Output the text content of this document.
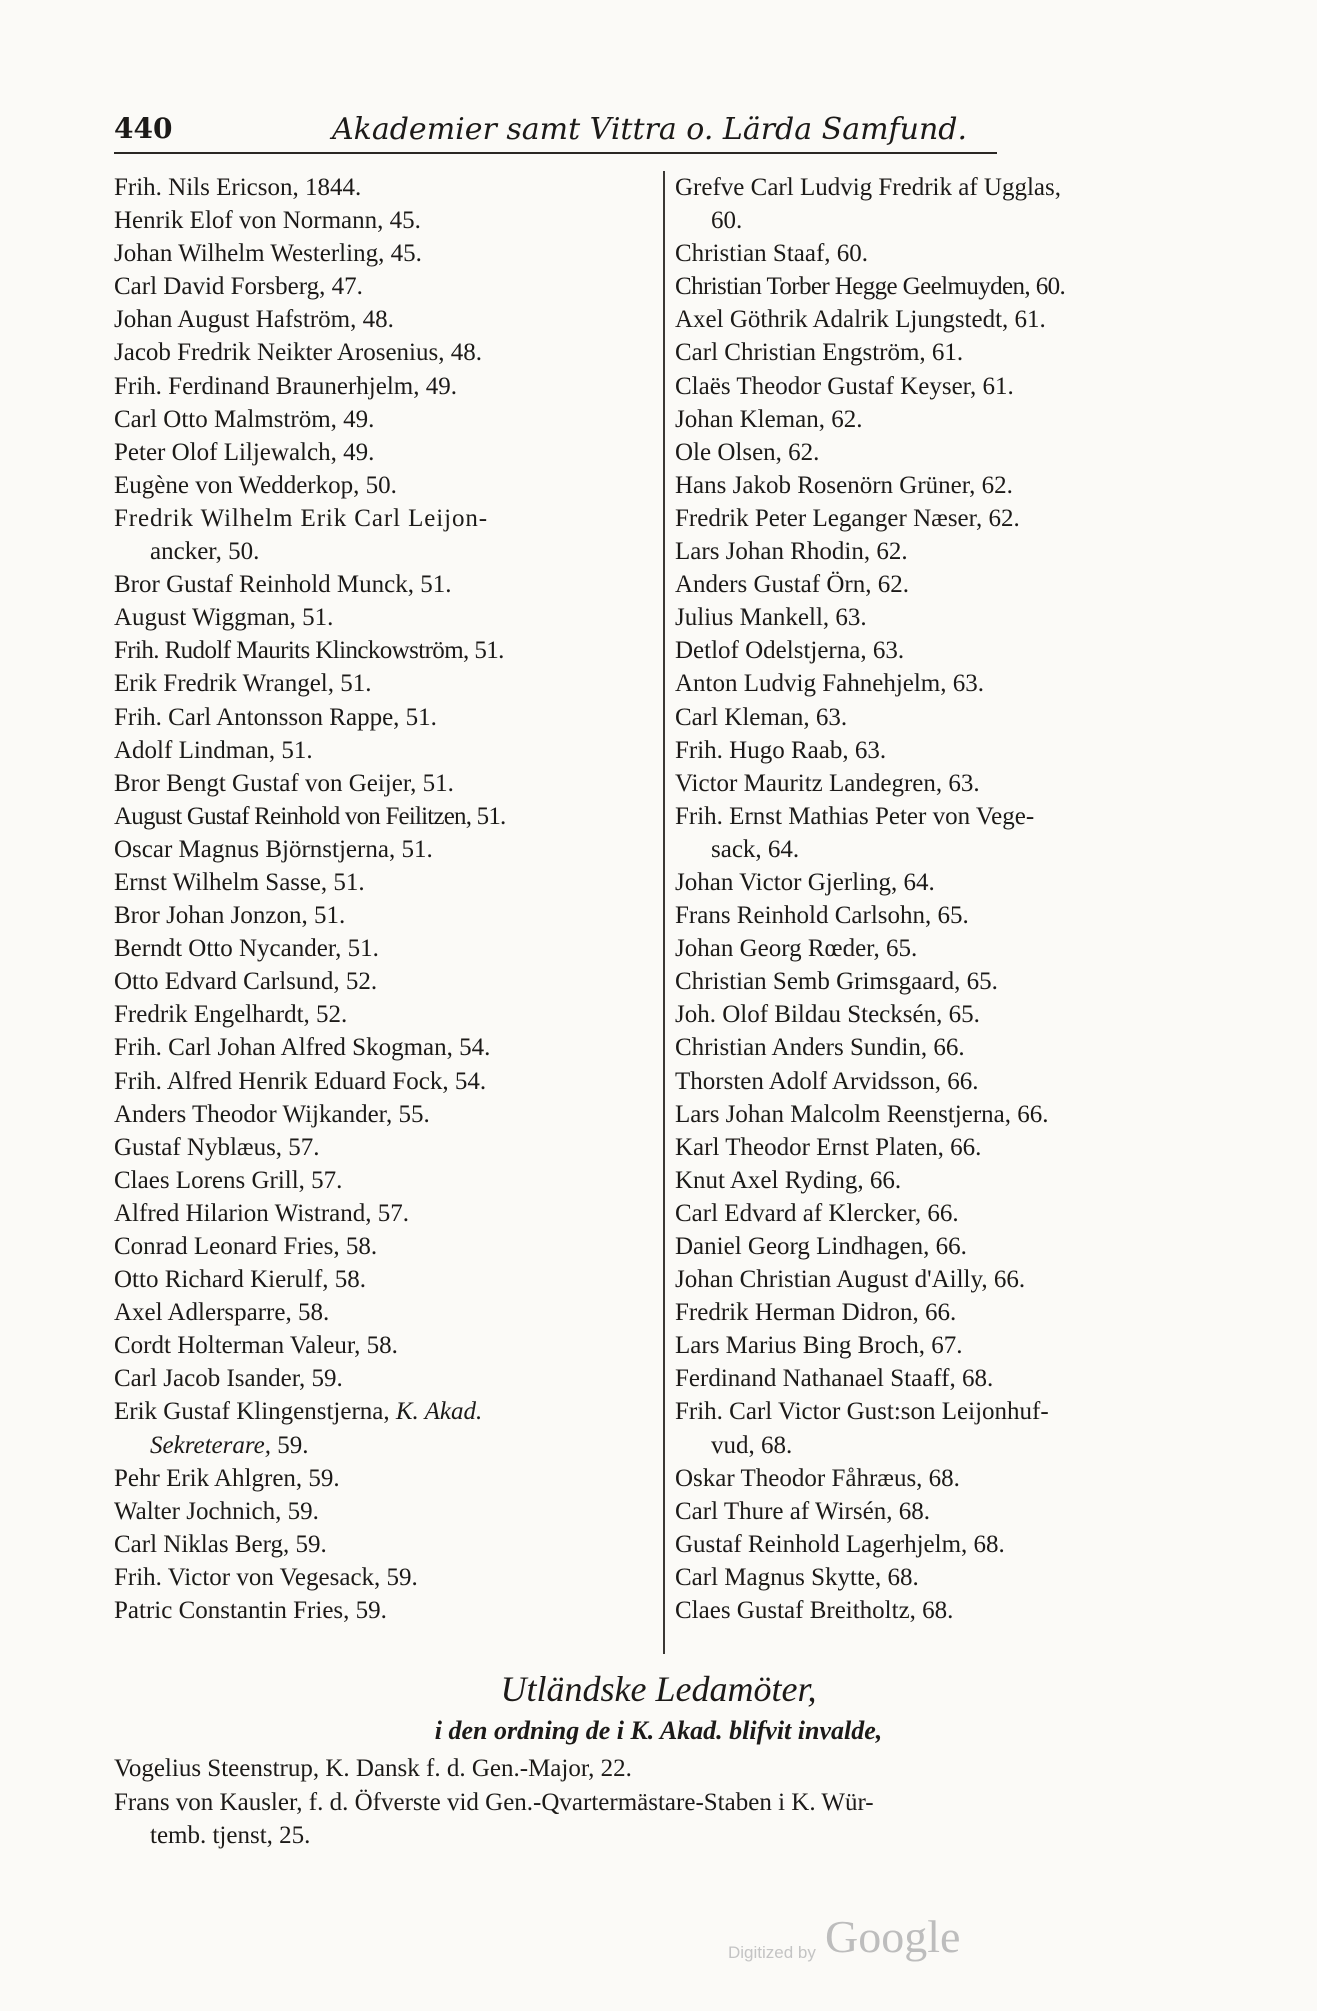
440	Akademier samt Vittra o. Lärda Samfund.
Frih. Nils Ericson, 1844.
Henrik Elof von Normann, 45.
Johan Wilhelm Westerling, 45.
Carl David Forsberg, 47.
Johan August Hafström, 48.
Jacob Fredrik Neikter Arosenius, 48.
Frih. Ferdinand Braunerhjelm, 49.
Carl Otto Malmström, 49.
Peter Olof Liljewalch, 49.
Eugène von Wedderkop, 50.
Fredrik Wilhelm Erik Carl Leijon-
ancker, 50.
Bror Gustaf Reinhold Munck, 51.
August Wiggman, 51.
Frih. Rudolf Maurits Klinckowström, 51.
Erik Fredrik Wrangel, 51.
Frih. Carl Antonsson Rappe, 51.
Adolf Lindman, 51.
Bror Bengt Gustaf von Geijer, 51.
August Gustaf Reinhold von Feilitzen, 51.
Oscar Magnus Björnstjerna, 51.
Ernst Wilhelm Sasse, 51.
Bror Johan Jonzon, 51.
Berndt Otto Nycander, 51.
Otto Edvard Carlsund, 52.
Fredrik Engelhardt, 52.
Frih. Carl Johan Alfred Skogman, 54.
Frih. Alfred Henrik Eduard Fock, 54.
Anders Theodor Wijkander, 55.
Gustaf Nyblæus, 57.
Claes Lorens Grill, 57.
Alfred Hilarion Wistrand, 57.
Conrad Leonard Fries, 58.
Otto Richard Kierulf, 58.
Axel Adlersparre, 58.
Cordt Holterman Valeur, 58.
Carl Jacob Isander, 59.
Erik Gustaf Klingenstjerna, K. Akad.
Sekreterare, 59.
Pehr Erik Ahlgren, 59.
Walter Jochnich, 59.
Carl Niklas Berg, 59.
Frih. Victor von Vegesack, 59.
Patric Constantin Fries, 59.
Grefve Carl Ludvig Fredrik af Ugglas,
60.
Christian Staaf, 60.
Christian Torber Hegge Geelmuyden, 60.
Axel Göthrik Adalrik Ljungstedt, 61.
Carl Christian Engström, 61.
Claës Theodor Gustaf Keyser, 61.
Johan Kleman, 62.
Ole Olsen, 62.
Hans Jakob Rosenörn Grüner, 62.
Fredrik Peter Leganger Næser, 62.
Lars Johan Rhodin, 62.
Anders Gustaf Örn, 62.
Julius Mankell, 63.
Detlof Odelstjerna, 63.
Anton Ludvig Fahnehjelm, 63.
Carl Kleman, 63.
Frih. Hugo Raab, 63.
Victor Mauritz Landegren, 63.
Frih. Ernst Mathias Peter von Vege-
sack, 64.
Johan Victor Gjerling, 64.
Frans Reinhold Carlsohn, 65.
Johan Georg Rœder, 65.
Christian Semb Grimsgaard, 65.
Joh. Olof Bildau Stecksén, 65.
Christian Anders Sundin, 66.
Thorsten Adolf Arvidsson, 66.
Lars Johan Malcolm Reenstjerna, 66.
Karl Theodor Ernst Platen, 66.
Knut Axel Ryding, 66.
Carl Edvard af Klercker, 66.
Daniel Georg Lindhagen, 66.
Johan Christian August d'Ailly, 66.
Fredrik Herman Didron, 66.
Lars Marius Bing Broch, 67.
Ferdinand Nathanael Staaff, 68.
Frih. Carl Victor Gust:son Leijonhuf-
vud, 68.
Oskar Theodor Fåhræus, 68.
Carl Thure af Wirsén, 68.
Gustaf Reinhold Lagerhjelm, 68.
Carl Magnus Skytte, 68.
Claes Gustaf Breitholtz, 68.
Utländske Ledamöter,
i den ordning de i K. Akad. blifvit invalde,
Vogelius Steenstrup, K. Dansk f. d. Gen.-Major, 22.
Frans von Kausler, f. d. Öfverste vid Gen.-Qvartermästare-Staben i K. Wür-
temb. tjenst, 25.
Digitized by Google
